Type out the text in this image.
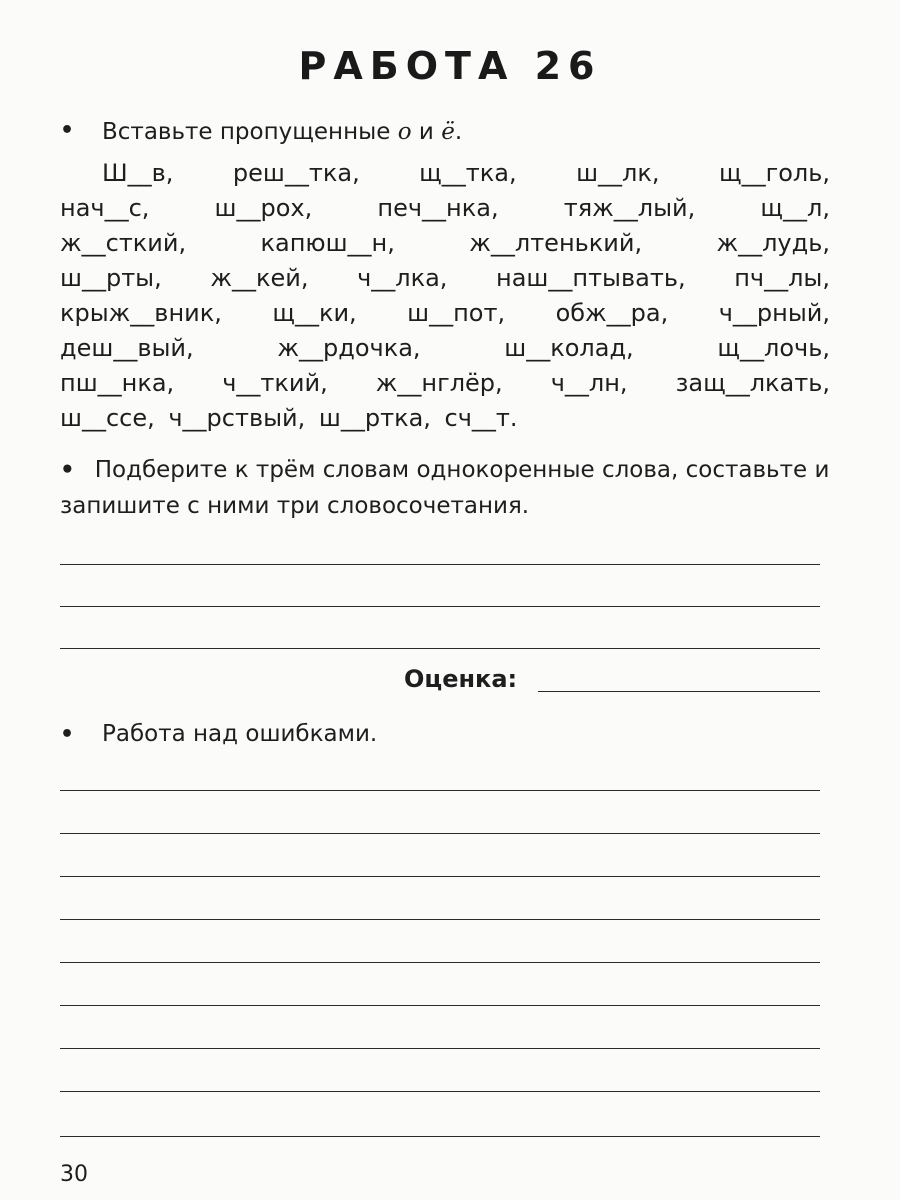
РАБОТА 26
• Вставьте пропущенные о и ё.
Ш__в, реш__тка, щ__тка, ш__лк, щ__голь,
нач__с, ш__рох, печ__нка, тяж__лый, щ__л,
ж__сткий, капюш__н, ж__лтенький, ж__лудь,
ш__рты, ж__кей, ч__лка, наш__птывать, пч__лы,
крыж__вник, щ__ки, ш__пот, обж__ра, ч__рный,
деш__вый, ж__рдочка, ш__колад, щ__лочь,
пш__нка, ч__ткий, ж__нглёр, ч__лн, защ__лкать,
ш__ссе, ч__рствый, ш__ртка, сч__т.
• Подберите к трём словам однокоренные слова, составьте и запишите с ними три словосочетания.
Оценка:
• Работа над ошибками.
30
